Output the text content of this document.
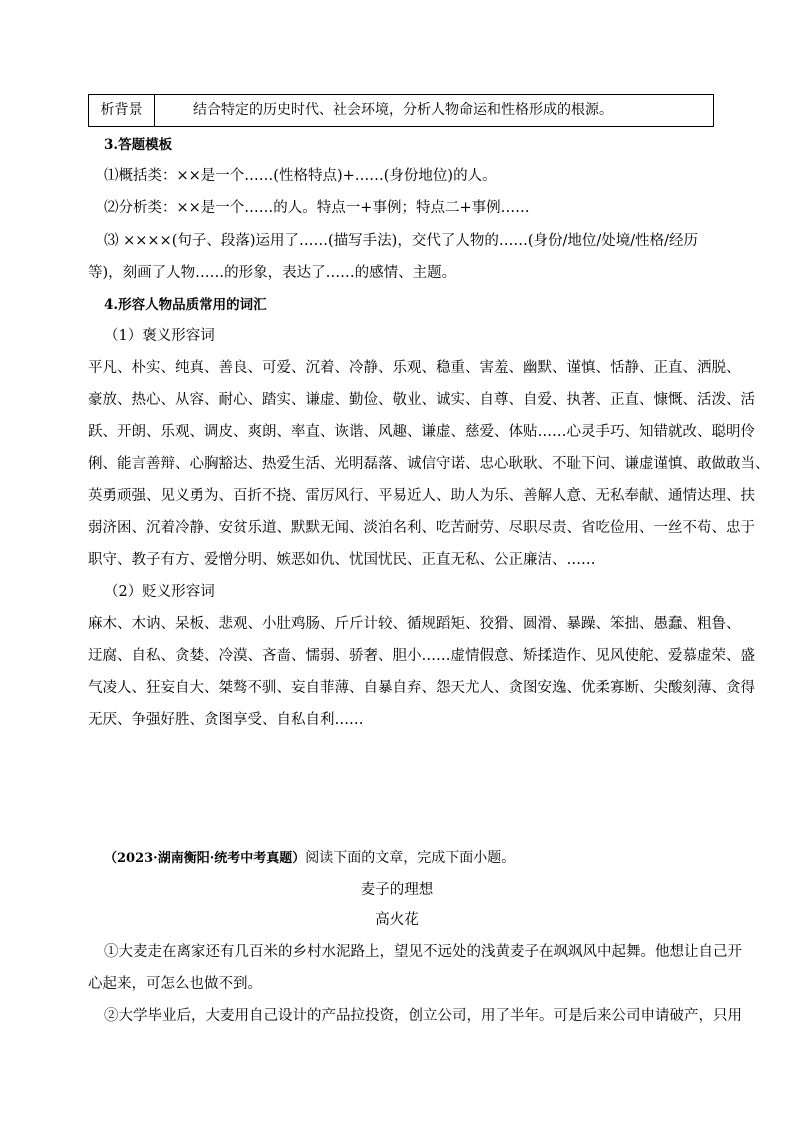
析背景	结合特定的历史时代、社会环境，分析人物命运和性格形成的根源。
3.答题模板
⑴概括类：××是一个……(性格特点)+……(身份地位)的人。
⑵分析类：××是一个……的人。特点一+事例；特点二+事例……
⑶ ××××(句子、段落)运用了……(描写手法)，交代了人物的……(身份/地位/处境/性格/经历
等)，刻画了人物……的形象，表达了……的感情、主题。
4.形容人物品质常用的词汇
（1）褒义形容词
平凡、朴实、纯真、善良、可爱、沉着、冷静、乐观、稳重、害羞、幽默、谨慎、恬静、正直、洒脱、
豪放、热心、从容、耐心、踏实、谦虚、勤俭、敬业、诚实、自尊、自爱、执著、正直、慷慨、活泼、活
跃、开朗、乐观、调皮、爽朗、率直、诙谐、风趣、谦虚、慈爱、体贴……心灵手巧、知错就改、聪明伶
俐、能言善辩、心胸豁达、热爱生活、光明磊落、诚信守诺、忠心耿耿、不耻下问、谦虚谨慎、敢做敢当、
英勇顽强、见义勇为、百折不挠、雷厉风行、平易近人、助人为乐、善解人意、无私奉献、通情达理、扶
弱济困、沉着冷静、安贫乐道、默默无闻、淡泊名利、吃苦耐劳、尽职尽责、省吃俭用、一丝不苟、忠于
职守、教子有方、爱憎分明、嫉恶如仇、忧国忧民、正直无私、公正廉洁、……
（2）贬义形容词
麻木、木讷、呆板、悲观、小肚鸡肠、斤斤计较、循规蹈矩、狡猾、圆滑、暴躁、笨拙、愚蠢、粗鲁、
迂腐、自私、贪婪、冷漠、吝啬、懦弱、骄奢、胆小……虚情假意、矫揉造作、见风使舵、爱慕虚荣、盛
气凌人、狂妄自大、桀骜不驯、妄自菲薄、自暴自弃、怨天尤人、贪图安逸、优柔寡断、尖酸刻薄、贪得
无厌、争强好胜、贪图享受、自私自利……
（2023·湖南衡阳·统考中考真题）阅读下面的文章，完成下面小题。
麦子的理想
高火花
①大麦走在离家还有几百米的乡村水泥路上，望见不远处的浅黄麦子在飒飒风中起舞。他想让自己开
心起来，可怎么也做不到。
②大学毕业后，大麦用自己设计的产品拉投资，创立公司，用了半年。可是后来公司申请破产，只用
